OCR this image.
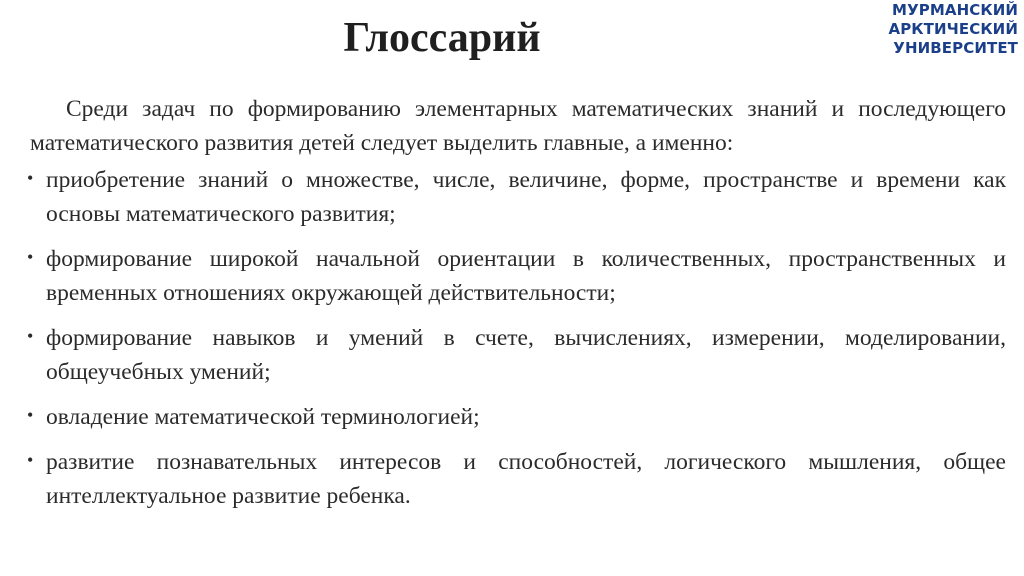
Глоссарий
МУРМАНСКИЙ
АРКТИЧЕСКИЙ
УНИВЕРСИТЕТ

Среди задач по формированию элементарных математических знаний и последующего математического развития детей следует выделить главные, а именно:

• приобретение знаний о множестве, числе, величине, форме, пространстве и времени как основы математического развития;
• формирование широкой начальной ориентации в количественных, пространственных и временных отношениях окружающей действительности;
• формирование навыков и умений в счете, вычислениях, измерении, моделировании, общеучебных умений;
• овладение математической терминологией;
• развитие познавательных интересов и способностей, логического мышления, общее интеллектуальное развитие ребенка.
